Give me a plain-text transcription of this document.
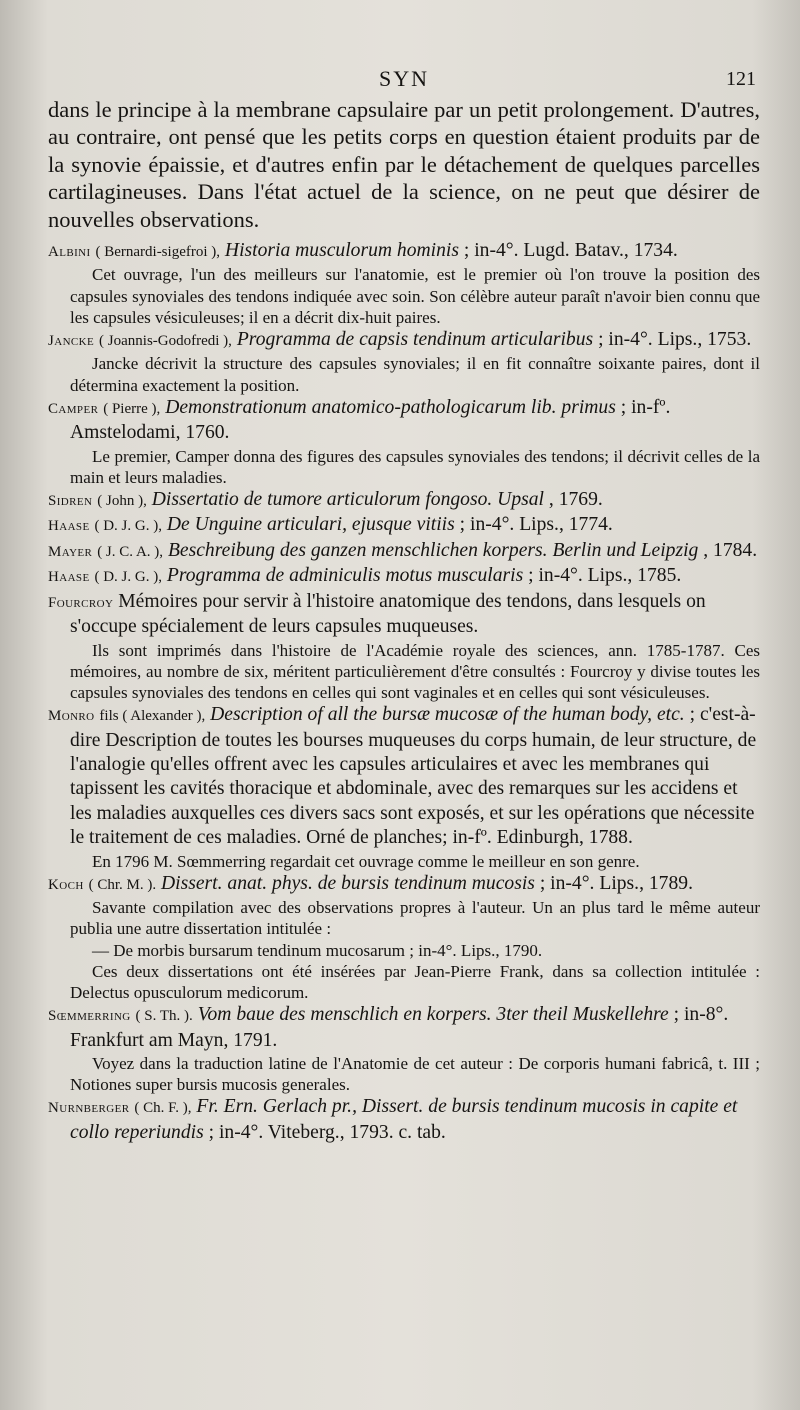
SYN	121

dans le principe à la membrane capsulaire par un petit prolongement. D'autres, au contraire, ont pensé que les petits corps en question étaient produits par de la synovie épaissie, et d'autres enfin par le détachement de quelques parcelles cartilagineuses. Dans l'état actuel de la science, on ne peut que désirer de nouvelles observations.

Albini ( Bernardi-sigefroi ), Historia musculorum hominis ; in-4°. Lugd. Batav., 1734.

Cet ouvrage, l'un des meilleurs sur l'anatomie, est le premier où l'on trouve la position des capsules synoviales des tendons indiquée avec soin. Son célèbre auteur paraît n'avoir bien connu que les capsules vésiculeuses; il en a décrit dix-huit paires.

Jancke ( Joannis-Godofredi ), Programma de capsis tendinum articularibus ; in-4°. Lips., 1753.

Jancke décrivit la structure des capsules synoviales; il en fit connaître soixante paires, dont il détermina exactement la position.

Camper ( Pierre ), Demonstrationum anatomico-pathologicarum lib. primus ; in-fº. Amstelodami, 1760.

Le premier, Camper donna des figures des capsules synoviales des tendons; il décrivit celles de la main et leurs maladies.

Sidren ( John ), Dissertatio de tumore articulorum fongoso. Upsal , 1769.

Haase ( D. J. G. ), De Unguine articulari, ejusque vitiis ; in-4°. Lips., 1774.

Mayer ( J. C. A. ), Beschreibung des ganzen menschlichen korpers. Berlin und Leipzig , 1784.

Haase ( D. J. G. ), Programma de adminiculis motus muscularis ; in-4°. Lips., 1785.

Fourcroy Mémoires pour servir à l'histoire anatomique des tendons, dans lesquels on s'occupe spécialement de leurs capsules muqueuses.

Ils sont imprimés dans l'histoire de l'Académie royale des sciences, ann. 1785-1787. Ces mémoires, au nombre de six, méritent particulièrement d'être consultés : Fourcroy y divise toutes les capsules synoviales des tendons en celles qui sont vaginales et en celles qui sont vésiculeuses.

Monro fils ( Alexander ), Description of all the bursæ mucosæ of the human body, etc. ; c'est-à-dire Description de toutes les bourses muqueuses du corps humain, de leur structure, de l'analogie qu'elles offrent avec les capsules articulaires et avec les membranes qui tapissent les cavités thoracique et abdominale, avec des remarques sur les accidens et les maladies auxquelles ces divers sacs sont exposés, et sur les opérations que nécessite le traitement de ces maladies. Orné de planches; in-fº. Edinburgh, 1788.

En 1796 M. Sœmmerring regardait cet ouvrage comme le meilleur en son genre.

Koch ( Chr. M. ). Dissert. anat. phys. de bursis tendinum mucosis ; in-4°. Lips., 1789.

Savante compilation avec des observations propres à l'auteur. Un an plus tard le même auteur publia une autre dissertation intitulée :

— De morbis bursarum tendinum mucosarum ; in-4°. Lips., 1790.

Ces deux dissertations ont été insérées par Jean-Pierre Frank, dans sa collection intitulée : Delectus opusculorum medicorum.

Sœmmerring ( S. Th. ). Vom baue des menschlich en korpers. 3ter theil Muskellehre ; in-8°. Frankfurt am Mayn, 1791.

Voyez dans la traduction latine de l'Anatomie de cet auteur : De corporis humani fabricâ, t. III ; Notiones super bursis mucosis generales.

Nurnberger ( Ch. F. ), Fr. Ern. Gerlach pr., Dissert. de bursis tendinum mucosis in capite et collo reperiundis ; in-4°. Viteberg., 1793. c. tab.
